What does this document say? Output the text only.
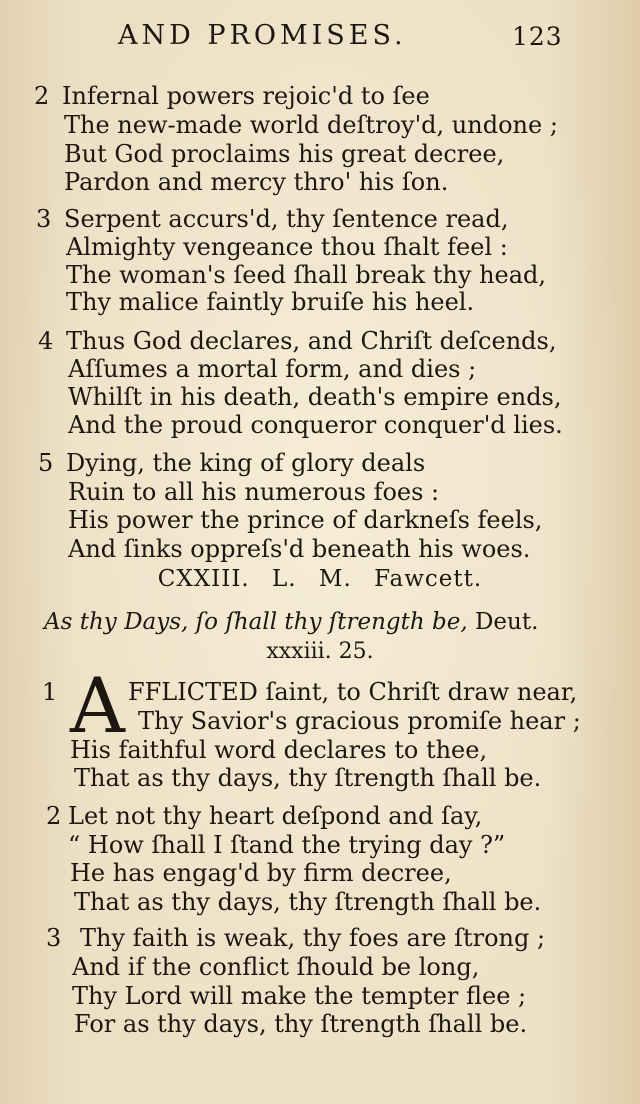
AND PROMISES.	123
2 Infernal powers rejoic'd to ſee
The new-made world deſtroy'd, undone ;
But God proclaims his great decree,
Pardon and mercy thro' his ſon.
3 Serpent accurs'd, thy ſentence read,
Almighty vengeance thou ſhalt feel :
The woman's ſeed ſhall break thy head,
Thy malice faintly bruiſe his heel.
4 Thus God declares, and Chriſt deſcends,
Aſſumes a mortal form, and dies ;
Whilſt in his death, death's empire ends,
And the proud conqueror conquer'd lies.
5 Dying, the king of glory deals
Ruin to all his numerous foes :
His power the prince of darkneſs feels,
And ſinks oppreſs'd beneath his woes.
CXXIII. L. M. Fawcett.
As thy Days, ſo ſhall thy ſtrength be, Deut.
xxxiii. 25.
1 A FFLICTED ſaint, to Chriſt draw near,
Thy Savior's gracious promiſe hear ;
His faithful word declares to thee,
That as thy days, thy ſtrength ſhall be.
2 Let not thy heart deſpond and ſay,
“ How ſhall I ſtand the trying day ?”
He has engag'd by firm decree,
That as thy days, thy ſtrength ſhall be.
3 Thy faith is weak, thy foes are ſtrong ;
And if the conflict ſhould be long,
Thy Lord will make the tempter flee ;
For as thy days, thy ſtrength ſhall be.
